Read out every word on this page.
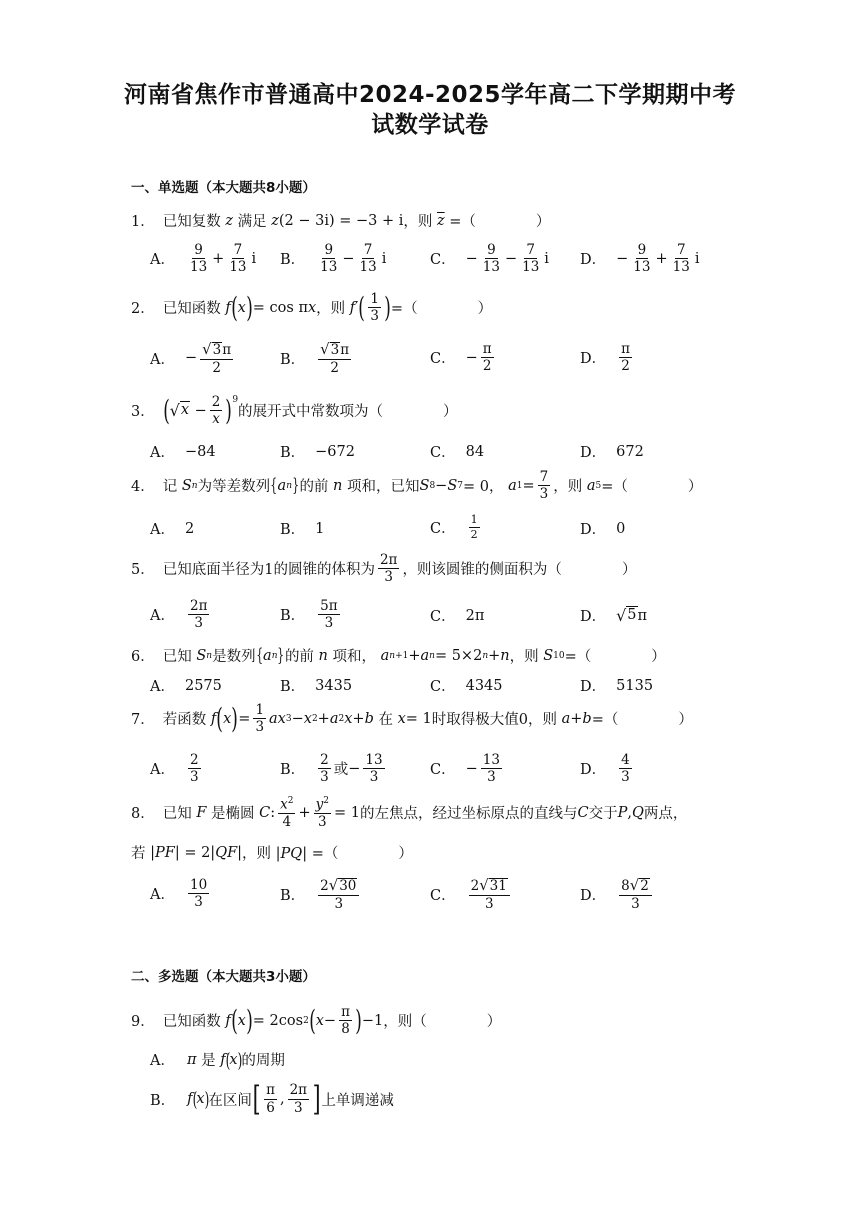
河南省焦作市普通高中2024-2025学年高二下学期期中考
试数学试卷
一、单选题（本大题共8小题）
1． 已知复数
z
满足
z (2 − 3i) = −3 + i ，则
$\overline{z}$ =（	）
A． $\frac{9}{13} + \frac{7}{13}$ i B． $\frac{9}{13} - \frac{7}{13}$ i	C． − $\frac{9}{13} - \frac{7}{13}$ i D． − $\frac{9}{13} + \frac{7}{13}$ i
2． 已知函数
f ( x ) = cos π x ，则
f ′ ( $\frac{1}{3}$ ) =（	）
A． − $\frac{√ 3 \pi}{2}$	B． $\frac{√ 3 \pi}{2}$	C． − $\frac{\pi}{2}$	D． $\frac{\pi}{2}$
3． ( √ $x - \frac{2}{x} )^9$
的展开式中常数项为（	）
A． −84	B． −672	C． 84	D． 672
4． 记
S n 为等差数列 { a n } 的前
n
项和，已知 S 8 − S 7 = 0， a $1 = \frac{7}{3}$ ，则
a 5 =（	）
A． 2	B． 1	C． $\frac{1}{2}$	D． 0
5． 已知底面半径为1的圆锥的体积为 $\frac{2\pi}{3}$ ，则该圆锥的侧面积为（	）
A． $\frac{2\pi}{3}$	B． $\frac{5\pi}{3}$	C． 2π	D． √ 5 π
6． 已知
S n 是数列 { a n } 的前
n
项和，
a n+1 + a n = 5×2 n + n ，则
S 10 =（	）
A． 2575	B． 3435	C． 4345	D． 5135
7． 若函数
f ( x ) = $\frac{1}{3}$ ax 3 − x 2 + a 2 x + b
在
x = 1 时取得极大值0，则
a + b =（	）
A． $\frac{2}{3}$	B． $\frac{2}{3}$ 或 − $\frac{13}{3}$	C． − $\frac{13}{3}$	D． $\frac{4}{3}$
8． 已知
F
是椭圆
C : $\frac{x^2}{4} + \frac{y^2}{3} = 1$ 的左焦点，经过坐标原点的直线与 C 交于 P , Q 两点，
若 |PF| = 2|QF| ，则 |PQ| =（	）
A． $\frac{10}{3}$	B． $\frac{2 √ 30}{3}$	C． $\frac{2 √ 31}{3}$	D． $\frac{8 √ 2}{3}$
二、多选题（本大题共3小题）
9． 已知函数
f ( x ) = 2cos 2 ( $x - \frac{\pi}{8}$ ) −1 ，则（	）
A． π
是
f ( x ) 的周期
B． f ( x ) 在区间 [ $\frac{\pi}{6}$ , $\frac{2\pi}{3}$ ] 上单调递减
